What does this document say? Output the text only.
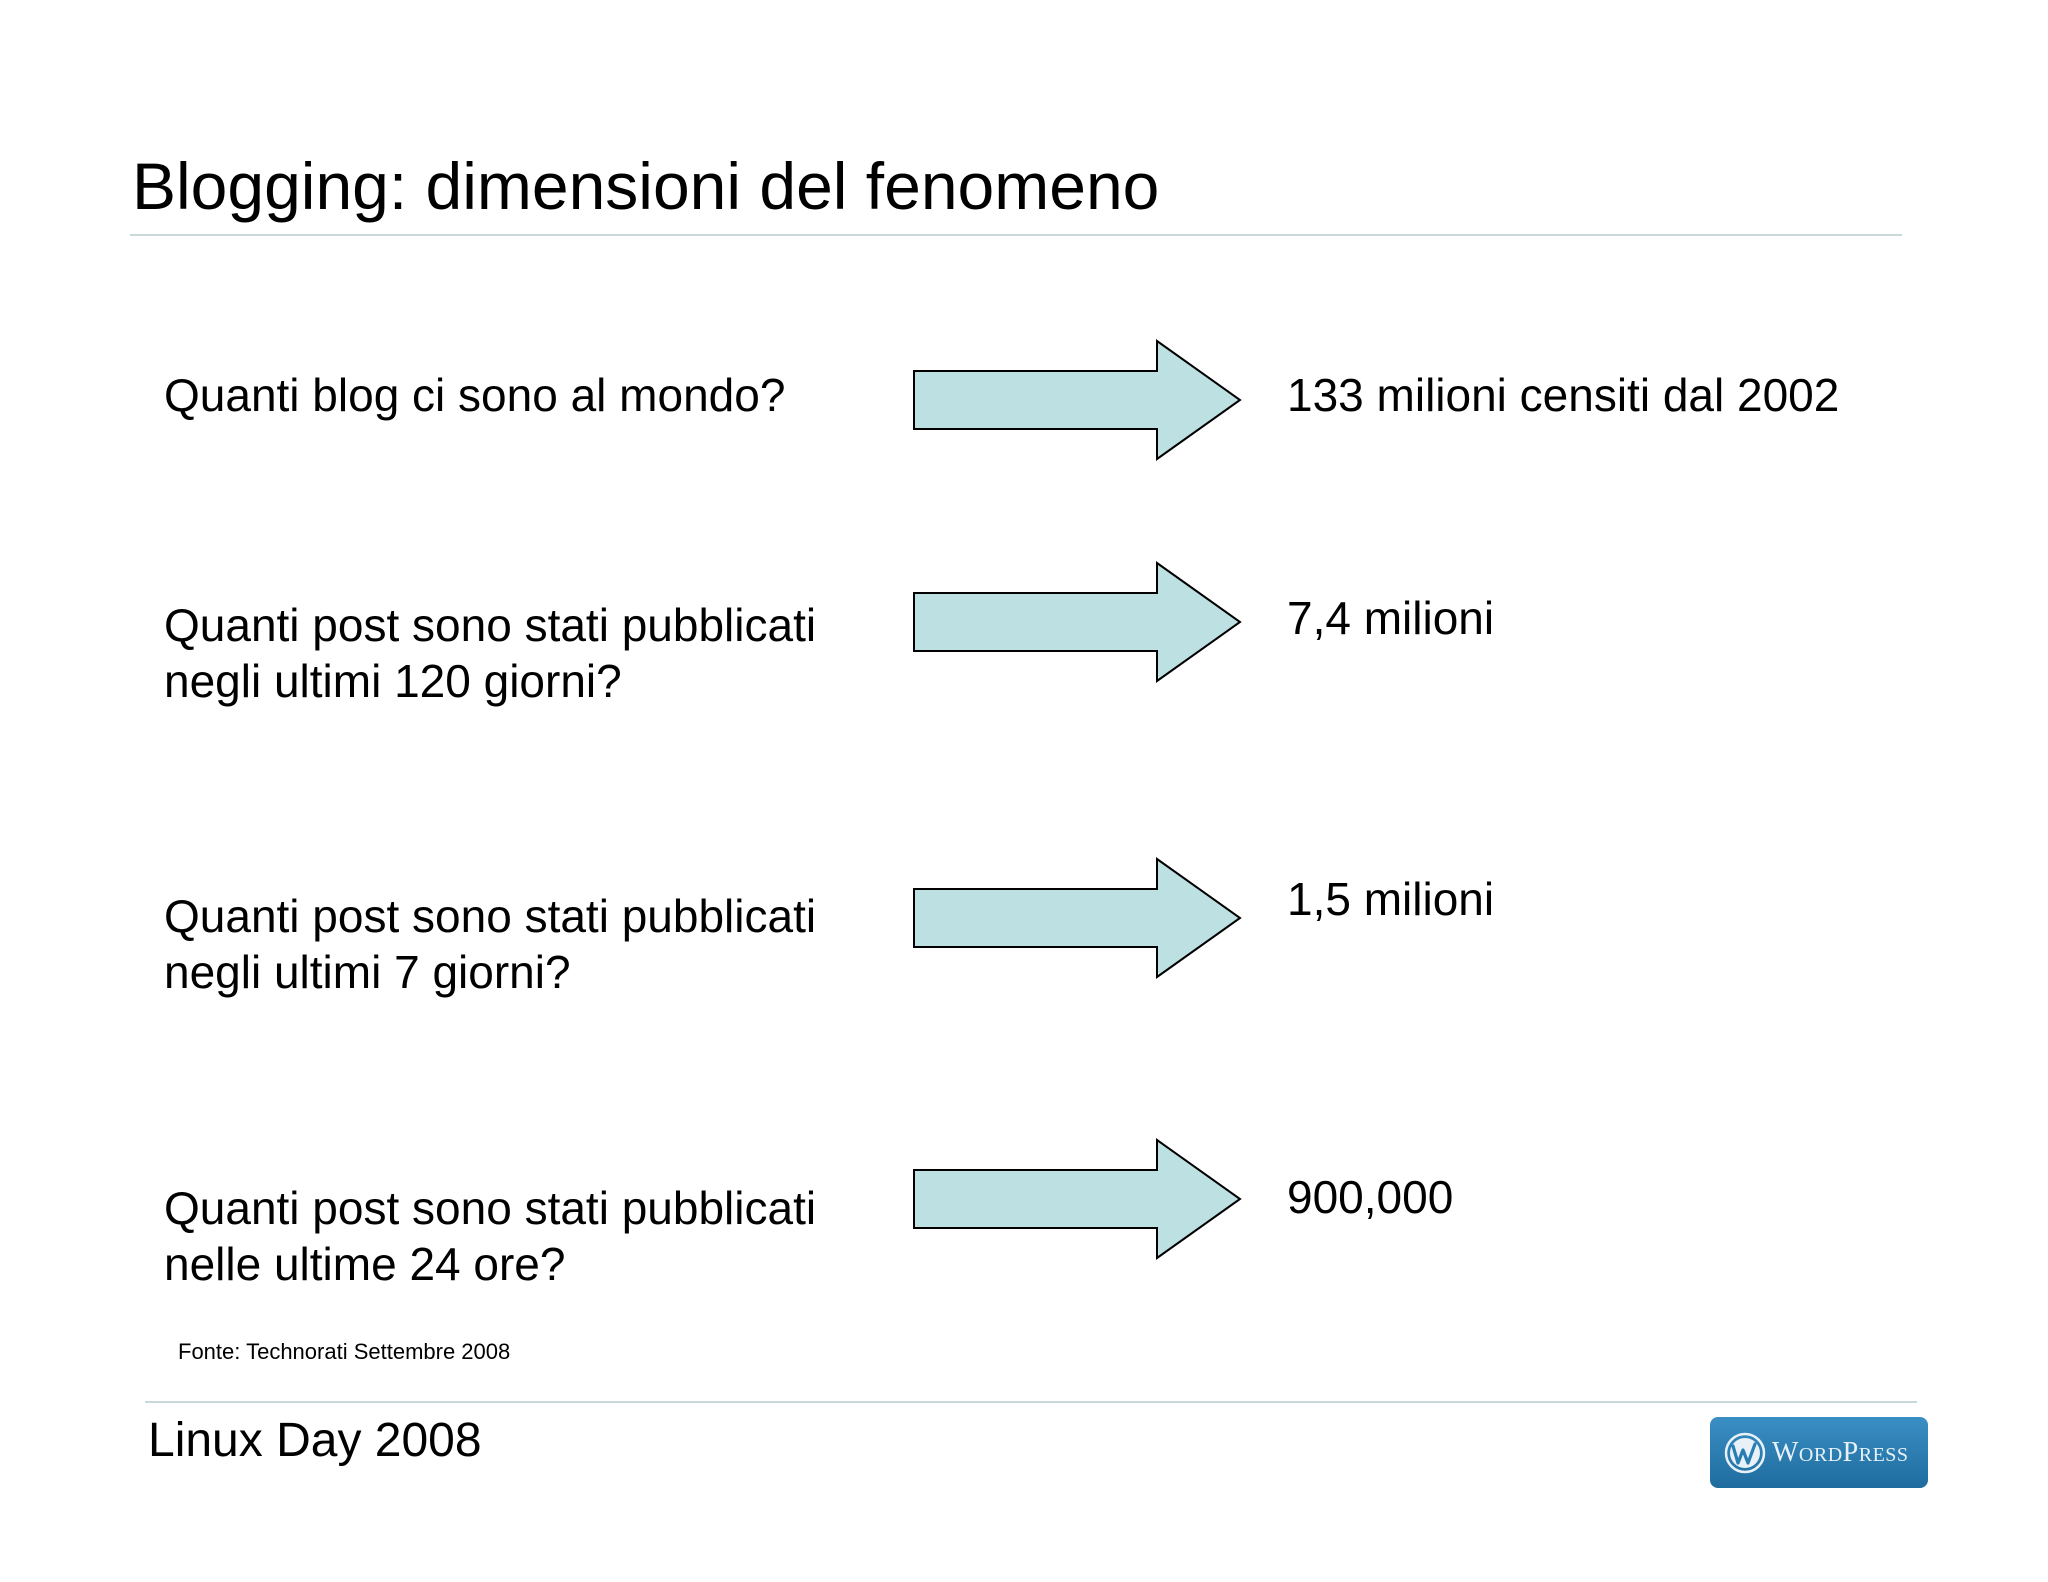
Blogging: dimensioni del fenomeno
Quanti blog ci sono al mondo?	133 milioni censiti dal 2002
Quanti post sono stati pubblicati
negli ultimi 120 giorni?
7,4 milioni
Quanti post sono stati pubblicati
negli ultimi 7 giorni?
1,5 milioni
Quanti post sono stati pubblicati
nelle ultime 24 ore?
900,000
Fonte: Technorati Settembre 2008
Linux Day 2008	WordPress
